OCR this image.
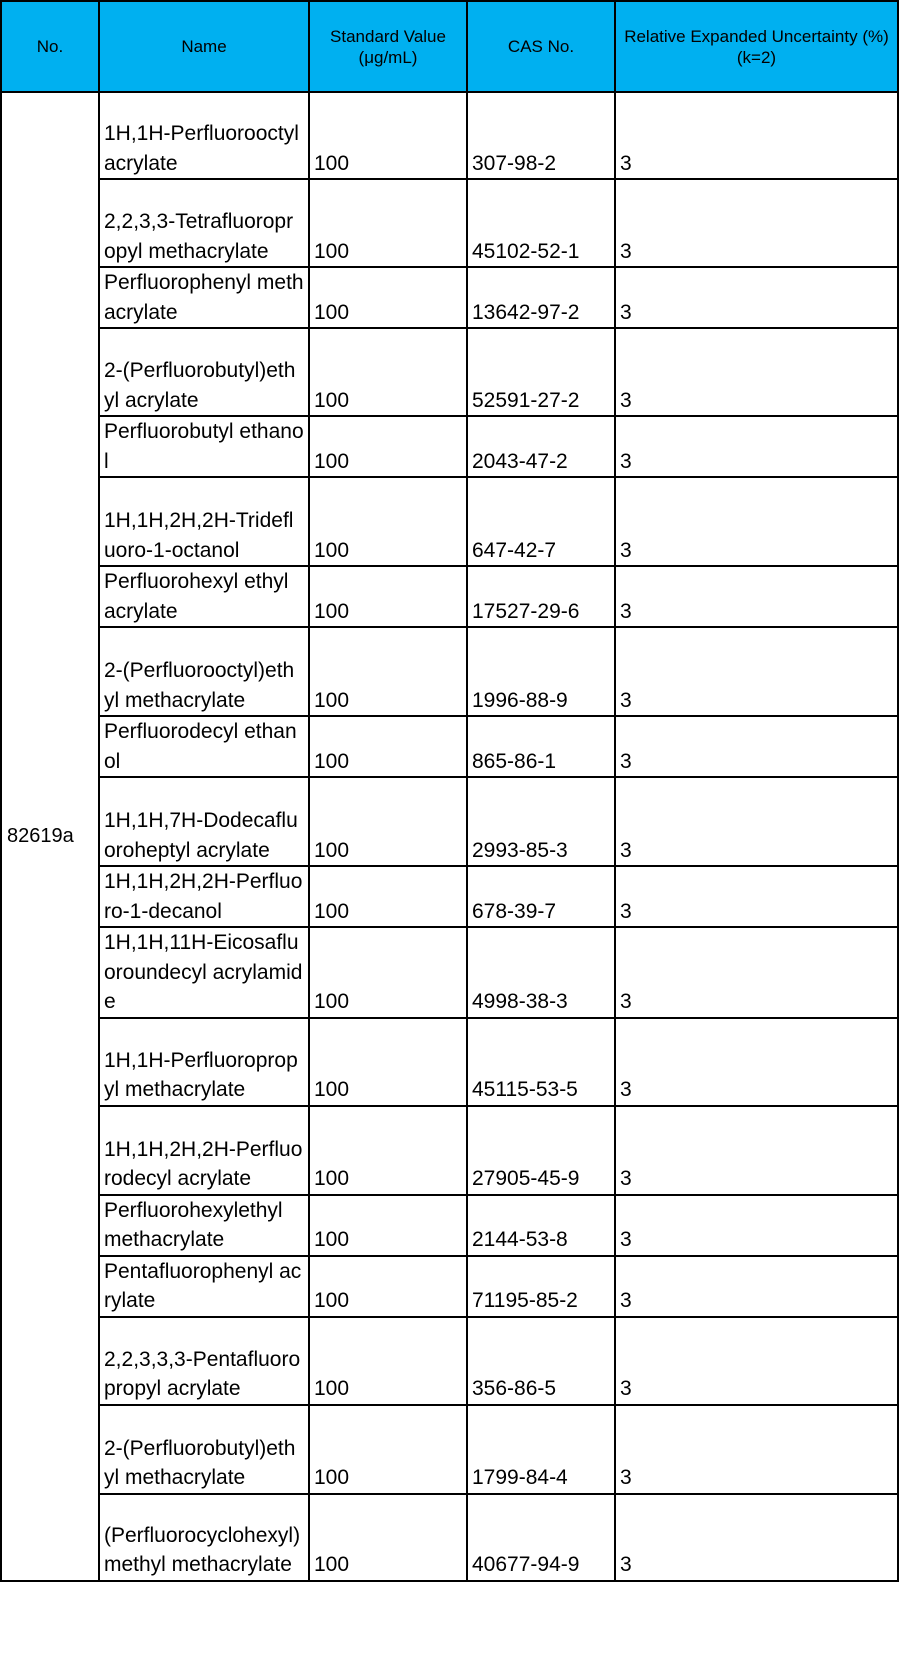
No.	Name	Standard Value (μg/mL)	CAS No.	Relative Expanded Uncertainty (%) (k=2)
82619a	1H,1H-Perfluorooctyl acrylate	100	307-98-2	3
	2,2,3,3-Tetrafluoropropyl methacrylate	100	45102-52-1	3
	Perfluorophenyl methacrylate	100	13642-97-2	3
	2-(Perfluorobutyl)ethyl acrylate	100	52591-27-2	3
	Perfluorobutyl ethanol	100	2043-47-2	3
	1H,1H,2H,2H-Tridefluoro-1-octanol	100	647-42-7	3
	Perfluorohexyl ethyl acrylate	100	17527-29-6	3
	2-(Perfluorooctyl)ethyl methacrylate	100	1996-88-9	3
	Perfluorodecyl ethanol	100	865-86-1	3
	1H,1H,7H-Dodecafluoroheptyl acrylate	100	2993-85-3	3
	1H,1H,2H,2H-Perfluoro-1-decanol	100	678-39-7	3
	1H,1H,11H-Eicosafluoroundecyl acrylamide	100	4998-38-3	3
	1H,1H-Perfluoropropyl methacrylate	100	45115-53-5	3
	1H,1H,2H,2H-Perfluorodecyl acrylate	100	27905-45-9	3
	Perfluorohexylethyl methacrylate	100	2144-53-8	3
	Pentafluorophenyl acrylate	100	71195-85-2	3
	2,2,3,3,3-Pentafluoropropyl acrylate	100	356-86-5	3
	2-(Perfluorobutyl)ethyl methacrylate	100	1799-84-4	3
	(Perfluorocyclohexyl)methyl methacrylate	100	40677-94-9	3
